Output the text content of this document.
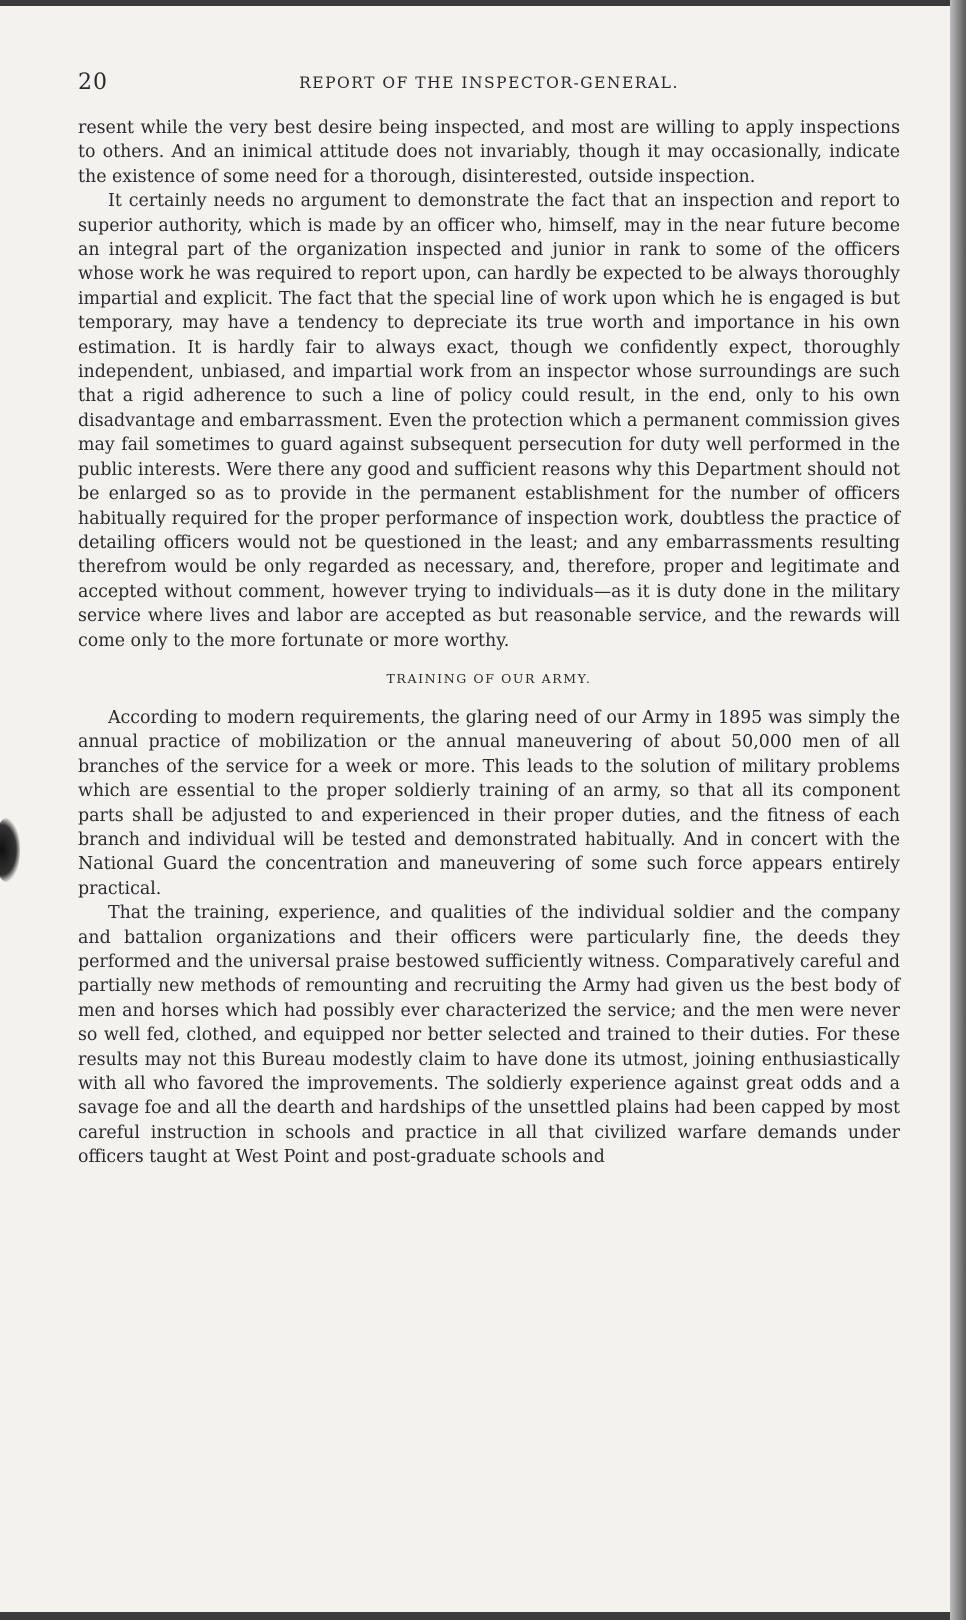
20	REPORT OF THE INSPECTOR-GENERAL.

resent while the very best desire being inspected, and most are willing to apply inspections to others. And an inimical attitude does not invariably, though it may occasionally, indicate the existence of some need for a thorough, disinterested, outside inspection.

It certainly needs no argument to demonstrate the fact that an inspection and report to superior authority, which is made by an officer who, himself, may in the near future become an integral part of the organization inspected and junior in rank to some of the officers whose work he was required to report upon, can hardly be expected to be always thoroughly impartial and explicit. The fact that the special line of work upon which he is engaged is but temporary, may have a tendency to depreciate its true worth and importance in his own estimation. It is hardly fair to always exact, though we confidently expect, thoroughly independent, unbiased, and impartial work from an inspector whose surroundings are such that a rigid adherence to such a line of policy could result, in the end, only to his own disadvantage and embarrassment. Even the protection which a permanent commission gives may fail sometimes to guard against subsequent persecution for duty well performed in the public interests. Were there any good and sufficient reasons why this Department should not be enlarged so as to provide in the permanent establishment for the number of officers habitually required for the proper performance of inspection work, doubtless the practice of detailing officers would not be questioned in the least; and any embarrassments resulting therefrom would be only regarded as necessary, and, therefore, proper and legitimate and accepted without comment, however trying to individuals—as it is duty done in the military service where lives and labor are accepted as but reasonable service, and the rewards will come only to the more fortunate or more worthy.

TRAINING OF OUR ARMY.

According to modern requirements, the glaring need of our Army in 1895 was simply the annual practice of mobilization or the annual maneuvering of about 50,000 men of all branches of the service for a week or more. This leads to the solution of military problems which are essential to the proper soldierly training of an army, so that all its component parts shall be adjusted to and experienced in their proper duties, and the fitness of each branch and individual will be tested and demonstrated habitually. And in concert with the National Guard the concentration and maneuvering of some such force appears entirely practical.

That the training, experience, and qualities of the individual soldier and the company and battalion organizations and their officers were particularly fine, the deeds they performed and the universal praise bestowed sufficiently witness. Comparatively careful and partially new methods of remounting and recruiting the Army had given us the best body of men and horses which had possibly ever characterized the service; and the men were never so well fed, clothed, and equipped nor better selected and trained to their duties. For these results may not this Bureau modestly claim to have done its utmost, joining enthusiastically with all who favored the improvements. The soldierly experience against great odds and a savage foe and all the dearth and hardships of the unsettled plains had been capped by most careful instruction in schools and practice in all that civilized warfare demands under officers taught at West Point and post-graduate schools and
